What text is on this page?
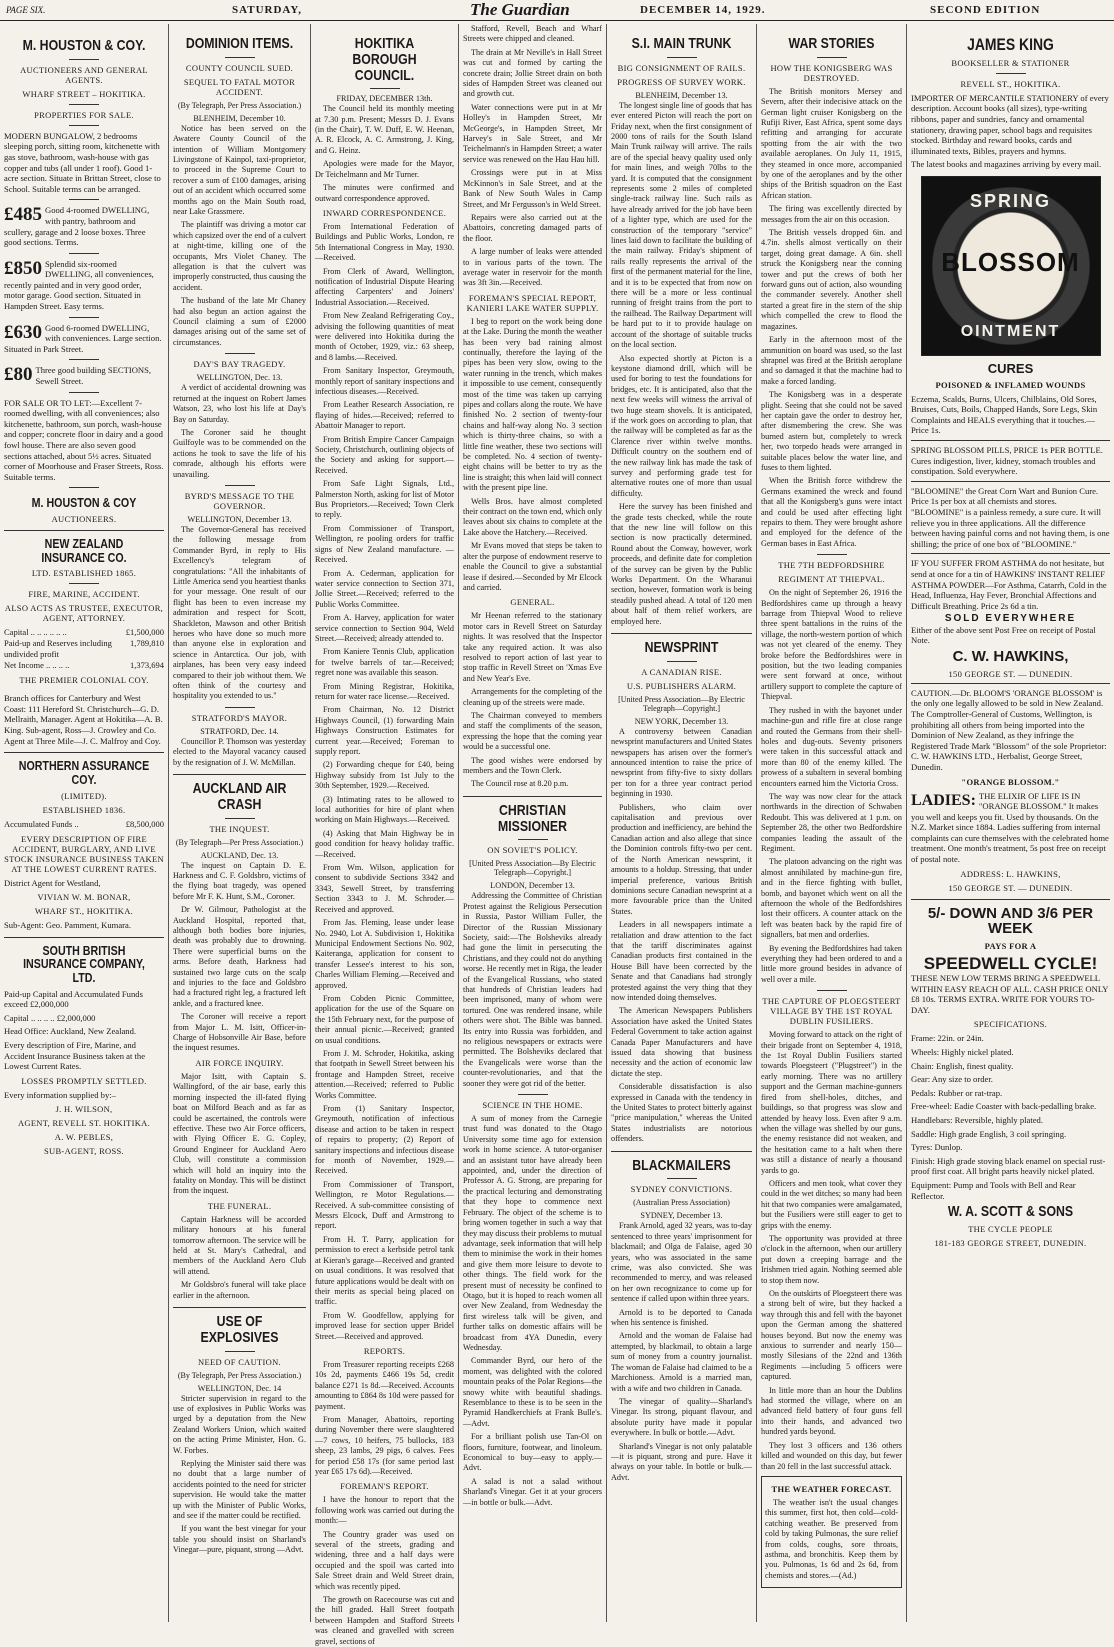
PAGE SIX.	SATURDAY,	The Guardian	DECEMBER 14, 1929.	SECOND EDITION
M. HOUSTON & COY.
AUCTIONEERS AND GENERAL AGENTS.
WHARF STREET – HOKITIKA.
PROPERTIES FOR SALE.

MODERN BUNGALOW, 2 bedrooms sleeping porch, sitting room, kitchenette with gas stove, bathroom, wash-house with gas copper and tubs (all under 1 roof). Good 1-acre section. Situate in Brittan Street, close to School. Suitable terms can be arranged.

£485 Good 4-roomed DWELLING, with pantry, bathroom and scullery, garage and 2 loose boxes. Three good sections. Terms.

£850 Splendid six-roomed DWELLING, all conveniences, recently painted and in very good order, motor garage. Good section. Situated in Hampden Street. Easy terms.

£630 Good 6-roomed DWELLING, with conveniences. Large section. Situated in Park Street.

£80 Three good building SECTIONS, Sewell Street.

FOR SALE OR TO LET:—Excellent 7-roomed dwelling, with all conveniences; also kitchenette, bathroom, sun porch, wash-house and copper; concrete floor in dairy and a good fowl house. There are also seven good sections attached, about 5½ acres. Situated corner of Moorhouse and Fraser Streets, Ross. Suitable terms.

M. HOUSTON & COY
AUCTIONEERS.
NEW ZEALAND INSURANCE CO.
LTD. ESTABLISHED 1865.
FIRE, MARINE, ACCIDENT.
ALSO ACTS AS TRUSTEE, EXECUTOR, AGENT, ATTORNEY.
Capital .. .. .. .. .. ..	£1,500,000
Paid-up and Reserves including undivided profit
1,789,810
Net Income .. .. .. ..	1,373,694
THE PREMIER COLONIAL COY.

Branch offices for Canterbury and West Coast: 111 Hereford St. Christchurch—G. D. Mellraith, Manager. Agent at Hokitika—A. B. King. Sub-agent, Ross—J. Crowley and Co. Agent at Three Mile—J. C. Malfroy and Coy.

NORTHERN ASSURANCE COY.
(LIMITED).
ESTABLISHED 1836.
Accumulated Funds ..	£8,500,000
EVERY DESCRIPTION OF FIRE ACCIDENT, BURGLARY, AND LIVE STOCK INSURANCE BUSINESS TAKEN AT THE LOWEST CURRENT RATES.

District Agent for Westland,

VIVIAN W. M. BONAR,
WHARF ST., HOKITIKA.

Sub-Agent: Geo. Pamment, Kumara.

SOUTH BRITISH INSURANCE COMPANY, LTD.

Paid-up Capital and Accumulated Funds exceed £2,000,000

Capital .. .. .. .. £2,000,000

Head Office: Auckland, New Zealand.

Every description of Fire, Marine, and Accident Insurance Business taken at the Lowest Current Rates.

LOSSES PROMPTLY SETTLED.

Every information supplied by:–

J. H. WILSON,
AGENT, REVELL ST. HOKITIKA.
A. W. PEBLES,
SUB-AGENT, ROSS.
DOMINION ITEMS.
COUNTY COUNCIL SUED.
SEQUEL TO FATAL MOTOR ACCIDENT.
(By Telegraph, Per Press Association.)
BLENHEIM, December 10.

Notice has been served on the Awatere County Council of the intention of William Montgomery Livingstone of Kainpol, taxi-proprietor, to proceed in the Supreme Court to recover a sum of £100 damages, arising out of an accident which occurred some months ago on the Main South road, near Lake Grassmere.

The plaintiff was driving a motor car which capsized over the end of a culvert at night-time, killing one of the occupants, Mrs Violet Chaney. The allegation is that the culvert was improperly constructed, thus causing the accident.

The husband of the late Mr Chaney had also begun an action against the Council claiming a sum of £2000 damages arising out of the same set of circumstances.

DAY'S BAY TRAGEDY.
WELLINGTON, Dec. 13.

A verdict of accidental drowning was returned at the inquest on Robert James Watson, 23, who lost his life at Day's Bay on Saturday.

The Coroner said he thought Guilfoyle was to be commended on the actions he took to save the life of his comrade, although his efforts were unavailing.

BYRD'S MESSAGE TO THE GOVERNOR.
WELLINGTON, December 13.

The Governor-General has received the following message from Commander Byrd, in reply to His Excellency's telegram of congratulations: "All the inhabitants of Little America send you heartiest thanks for your message. One result of our flight has been to even increase my admiration and respect for Scott, Shackleton, Mawson and other British heroes who have done so much more than anyone else in exploration and science in Antarctica. Our job, with airplanes, has been very easy indeed compared to their job without them. We often think of the courtesy and hospitality you extended to us."

STRATFORD'S MAYOR.
STRATFORD, Dec. 14.

Councillor P. Thomson was yesterday elected to the Mayoral vacancy caused by the resignation of J. W. McMillan.

AUCKLAND AIR CRASH
THE INQUEST.
(By Telegraph—Per Press Association.)
AUCKLAND, Dec. 13.

The inquest on Captain D. E. Harkness and C. F. Goldsbro, victims of the flying boat tragedy, was opened before Mr F. K. Hunt, S.M., Coroner.

Dr W. Gilmour, Pathologist at the Auckland Hospital, reported that, although both bodies bore injuries, death was probably due to drowning. There were superficial burns on the arms. Before death, Harkness had sustained two large cuts on the scalp and injuries to the face and Goldsbro had a fractured right leg, a fractured left ankle, and a fractured knee.

The Coroner will receive a report from Major L. M. Isitt, Officer-in-Charge of Hobsonville Air Base, before the inquest resumes.

AIR FORCE INQUIRY.

Major Isitt, with Captain S. Wallingford, of the air base, early this morning inspected the ill-fated flying boat on Milford Beach and as far as could be ascertained, the controls were effective. These two Air Force officers, with Flying Officer E. G. Copley, Ground Engineer for Auckland Aero Club, will constitute a commission which will hold an inquiry into the fatality on Monday. This will be distinct from the inquest.

THE FUNERAL.

Captain Harkness will be accorded military honours at his funeral tomorrow afternoon. The service will be held at St. Mary's Cathedral, and members of the Auckland Aero Club will attend.

Mr Goldsbro's funeral will take place earlier in the afternoon.

USE OF EXPLOSIVES
NEED OF CAUTION.
(By Telegraph, Per Press Association.)
WELLINGTON, Dec. 14

Stricter supervision in regard to the use of explosives in Public Works was urged by a deputation from the New Zealand Workers Union, which waited on the acting Prime Minister, Hon. G. W. Forbes.

Replying the Minister said there was no doubt that a large number of accidents pointed to the need for stricter supervision. He would take the matter up with the Minister of Public Works, and see if the matter could be rectified.

If you want the best vinegar for your table you should insist on Sharland's Vinegar—pure, piquant, strong —Advt.

HOKITIKA BOROUGH COUNCIL.
FRIDAY, DECEMBER 13th.

The Council held its monthly meeting at 7.30 p.m. Present; Messrs D. J. Evans (in the Chair), T. W. Duff, E. W. Heenan, A. R. Elcock, A. C. Armstrong, J. King, and G. Heinz.

Apologies were made for the Mayor, Dr Teichelmann and Mr Turner.

The minutes were confirmed and outward correspondence approved.

INWARD CORRESPONDENCE.

From International Federation of Buildings and Public Works, London, re 5th International Congress in May, 1930.—Received.

From Clerk of Award, Wellington, notification of Industrial Dispute Hearing affecting Carpenters' and Joiners' Industrial Association.—Received.

From New Zealand Refrigerating Coy., advising the following quantities of meat were delivered into Hokitika during the month of October, 1929, viz.: 63 sheep, and 8 lambs.—Received.

From Sanitary Inspector, Greymouth, monthly report of sanitary inspections and infectious diseases.—Received.

From Leather Research Association, re flaying of hides.—Received; referred to Abattoir Manager to report.

From British Empire Cancer Campaign Society, Christchurch, outlining objects of the Society and asking for support.—Received.

From Safe Light Signals, Ltd., Palmerston North, asking for list of Motor Bus Proprietors.—Received; Town Clerk to reply.

From Commissioner of Transport, Wellington, re pooling orders for traffic signs of New Zealand manufacture. —Received.

From A. Cederman, application for water service connection to Section 371, Jollie Street.—Received; referred to the Public Works Committee.

From A. Harvey, application for water service connection to Section 904, Weld Street.—Received; already attended to.

From Kaniere Tennis Club, application for twelve barrels of tar.—Received; regret none was available this season.

From Mining Registrar, Hokitika, return for water race license.—Received.

From Chairman, No. 12 District Highways Council, (1) forwarding Main Highways Construction Estimates for current year.—Received; Foreman to supply report.

(2) Forwarding cheque for £40, being Highway subsidy from 1st July to the 30th September, 1929.—Received.

(3) Intimating rates to be allowed to local authorities for hire of plant when working on Main Highways.—Received.

(4) Asking that Main Highway be in good condition for heavy holiday traffic.—Received.

From Wm. Wilson, application for consent to subdivide Sections 3342 and 3343, Sewell Street, by transferring Section 3343 to J. M. Schroder.—Received and approved.

From Jas. Fleming, lease under lease No. 2940, Lot A. Subdivision 1, Hokitika Municipal Endowment Sections No. 902, Kaiteranga, application for consent to transfer Lessee's interest to his son, Charles William Fleming.—Received and approved.

From Cobden Picnic Committee, application for the use of the Square on the 15th February next, for the purpose of their annual picnic.—Received; granted on usual conditions.

From J. M. Schroder, Hokitika, asking that footpath in Sewell Street between his frontage and Hampden Street, receive attention.—Received; referred to Public Works Committee.

From (1) Sanitary Inspector, Greymouth, notification of infectious disease and action to be taken in respect of repairs to property; (2) Report of sanitary inspections and infectious disease for month of November, 1929.—Received.

From Commissioner of Transport, Wellington, re Motor Regulations.—Received. A sub-committee consisting of Messrs Elcock, Duff and Armstrong to report.

From H. T. Parry, application for permission to erect a kerbside petrol tank at Kieran's garage—Received and granted on usual conditions. It was resolved that future applications would be dealt with on their merits as special being placed on traffic.

From W. Goodfellow, applying for improved lease for section upper Bridel Street.—Received and approved.

REPORTS.

From Treasurer reporting receipts £268 10s 2d, payments £466 19s 5d, credit balance £271 1s 8d.—Received. Accounts amounting to £864 8s 10d were passed for payment.

From Manager, Abattoirs, reporting during November there were slaughtered—7 cows, 10 heifers, 75 bullocks, 183 sheep, 23 lambs, 29 pigs, 6 calves. Fees for period £58 17s (for same period last year £65 17s 6d).—Received.

FOREMAN'S REPORT.

I have the honour to report that the following work was carried out during the month:—

The Country grader was used on several of the streets, grading and widening, three and a half days were occupied and the spoil was carted into Sale Street drain and Weld Street drain, which was recently piped.

The growth on Racecourse was cut and the hill graded. Hall Street footpath between Hampden and Stafford Streets was cleaned and gravelled with screen gravel, sections of

Stafford, Revell, Beach and Wharf Streets were chipped and cleaned.

The drain at Mr Neville's in Hall Street was cut and formed by carting the concrete drain; Jollie Street drain on both sides of Hampden Street was cleaned out and growth cut.

Water connections were put in at Mr Holley's in Hampden Street, Mr McGeorge's, in Hampden Street, Mr Harvey's in Sale Street, and Mr Teichelmann's in Hampden Street; a water service was renewed on the Hau Hau hill.

Crossings were put in at Miss McKinnon's in Sale Street, and at the Bank of New South Wales in Camp Street, and Mr Fergusson's in Weld Street.

Repairs were also carried out at the Abattoirs, concreting damaged parts of the floor.

A large number of leaks were attended to in various parts of the town. The average water in reservoir for the month was 3ft 3in.—Received.

FOREMAN'S SPECIAL REPORT, KANIERI LAKE WATER SUPPLY.

I beg to report on the work being done at the Lake. During the month the weather has been very bad raining almost continually, therefore the laying of the pipes has been very slow, owing to the water running in the trench, which makes it impossible to use cement, consequently most of the time was taken up carrying pipes and collars along the route. We have finished No. 2 section of twenty-four chains and half-way along No. 3 section which is thirty-three chains, so with a little fine weather, these two sections will be completed. No. 4 section of twenty-eight chains will be better to try as the line is straight; this when laid will connect with the present pipe line.

Wells Bros. have almost completed their contract on the town end, which only leaves about six chains to complete at the Lake above the Hatchery.—Received.

Mr Evans moved that steps be taken to alter the purpose of endowment reserve to enable the Council to give a substantial lease if desired.—Seconded by Mr Elcock and carried.

GENERAL.

Mr Heenan referred to the stationary motor cars in Revell Street on Saturday nights. It was resolved that the Inspector take any required action. It was also resolved to report action of last year to stop traffic in Revell Street on 'Xmas Eve and New Year's Eve.

Arrangements for the completing of the cleaning up of the streets were made.

The Chairman conveyed to members and staff the compliments of the season, expressing the hope that the coming year would be a successful one.

The good wishes were endorsed by members and the Town Clerk.

The Council rose at 8.20 p.m.

CHRISTIAN MISSIONER
ON SOVIET'S POLICY.
[United Press Association—By Electric Telegraph—Copyright.]
LONDON, December 13.

Addressing the Committee of Christian Protest against the Religious Persecution in Russia, Pastor William Fuller, the Director of the Russian Missionary Society, said:—The Bolsheviks already had gone the limit in persecuting the Christians, and they could not do anything worse. He recently met in Riga, the leader of the Evangelical Russians, who stated that hundreds of Christian leaders had been imprisoned, many of whom were tortured. One was rendered insane, while others were shot. The Bible was banned. Its entry into Russia was forbidden, and no religious newspapers or extracts were permitted. The Bolsheviks declared that the Evangelicals were worse than the counter-revolutionaries, and that the sooner they were got rid of the better.

SCIENCE IN THE HOME.

A sum of money from the Carnegie trust fund was donated to the Otago University some time ago for extension work in home science. A tutor-organiser and an assistant tutor have already been appointed, and, under the direction of Professor A. G. Strong, are preparing for the practical lecturing and demonstrating that they hope to commence next February. The object of the scheme is to bring women together in such a way that they may discuss their problems to mutual advantage, seek information that will help them to minimise the work in their homes and give them more leisure to devote to other things. The field work for the present must of necessity be confined to Otago, but it is hoped to reach women all over New Zealand, from Wednesday the first wireless talk will be given, and further talks on domestic affairs will be broadcast from 4YA Dunedin, every Wednesday.

Commander Byrd, our hero of the moment, was delighted with the colored mountain peaks of the Polar Regions—the snowy white with beautiful shadings. Resemblance to these is to be seen in the Pyramid Handkerchiefs at Frank Bulle's.—Advt.

For a brilliant polish use Tan-Ol on floors, furniture, footwear, and linoleum. Economical to buy—easy to apply.—Advt.

A salad is not a salad without Sharland's Vinegar. Get it at your grocers —in bottle or bulk.—Advt.

S.I. MAIN TRUNK
BIG CONSIGNMENT OF RAILS.
PROGRESS OF SURVEY WORK.
BLENHEIM, December 13.

The longest single line of goods that has ever entered Picton will reach the port on Friday next, when the first consignment of 2000 tons of rails for the South Island Main Trunk railway will arrive. The rails are of the special heavy quality used only for main lines, and weigh 70lbs to the yard. It is computed that the consignment represents some 2 miles of completed single-track railway line. Such rails as have already arrived for the job have been of a lighter type, which are used for the construction of the temporary "service" lines laid down to facilitate the building of the main railway. Friday's shipment of rails really represents the arrival of the first of the permanent material for the line, and it is to be expected that from now on there will be a more or less continual running of freight trains from the port to the railhead. The Railway Department will be hard put to it to provide haulage on account of the shortage of suitable trucks on the local section.

Also expected shortly at Picton is a keystone diamond drill, which will be used for boring to test the foundations for bridges, etc. It is anticipated, also that the next few weeks will witness the arrival of two huge steam shovels. It is anticipated, if the work goes on according to plan, that the railway will be completed as far as the Clarence river within twelve months. Difficult country on the southern end of the new railway link has made the task of survey and performing grade test for alternative routes one of more than usual difficulty.

Here the survey has been finished and the grade tests checked, while the route that the new line will follow on this section is now practically determined. Round about the Conway, however, work proceeds, and definite date for completion of the survey can be given by the Public Works Department. On the Wharanui section, however, formation work is being steadily pushed ahead. A total of 120 men about half of them relief workers, are employed here.

NEWSPRINT
A CANADIAN RISE.
U.S. PUBLISHERS ALARM.
[United Press Association—By Electric Telegraph—Copyright.]
NEW YORK, December 13.

A controversy between Canadian newsprint manufacturers and United States newspapers has arisen over the former's announced intention to raise the price of newsprint from fifty-five to sixty dollars per ton for a three year contract period beginning in 1930.

Publishers, who claim over capitalisation and previous over production and inefficiency, are behind the Canadian action and also allege that since the Dominion controls fifty-two per cent. of the North American newsprint, it amounts to a holdup. Stressing, that under imperial preference, various British dominions secure Canadian newsprint at a more favourable price than the United States.

Leaders in all newspapers intimate a retaliation and draw attention to the fact that the tariff discriminates against Canadian products first contained in the House Bill have been corrected by the Senate and that Canadians had strongly protested against the very thing that they now intended doing themselves.

The American Newspapers Publishers Association have asked the United States Federal Government to take action against Canada Paper Manufacturers and have issued data showing that business necessity and the action of economic law dictate the step.

Considerable dissatisfaction is also expressed in Canada with the tendency in the United States to protect bitterly against "price manipulation," whereas the United States industrialists are notorious offenders.

BLACKMAILERS
SYDNEY CONVICTIONS.
(Australian Press Association)
SYDNEY, December 13.

Frank Arnold, aged 32 years, was to-day sentenced to three years' imprisonment for blackmail; and Olga de Falaise, aged 30 years, who was associated in the same crime, was also convicted. She was recommended to mercy, and was released on her own recognizance to come up for sentence if called upon within three years.

Arnold is to be deported to Canada when his sentence is finished.

Arnold and the woman de Falaise had attempted, by blackmail, to obtain a large sum of money from a country journalist. The woman de Falaise had claimed to be a Marchioness. Arnold is a married man, with a wife and two children in Canada.

The vinegar of quality—Sharland's Vinegar. Its strong, piquant flavour, and absolute purity have made it popular everywhere. In bulk or bottle.—Advt.

Sharland's Vinegar is not only palatable—it is piquant, strong and pure. Have it always on your table. In bottle or bulk.—Advt.

WAR STORIES
HOW THE KONIGSBERG WAS DESTROYED.

The British monitors Mersey and Severn, after their indecisive attack on the German light cruiser Konigsberg on the Rufiji River, East Africa, spent some days refitting and arranging for accurate spotting from the air with the two available aeroplanes. On July 11, 1915, they steamed in once more, accompanied by one of the aeroplanes and by the other ships of the British squadron on the East African station.

The firing was excellently directed by messages from the air on this occasion.

The British vessels dropped 6in. and 4.7in. shells almost vertically on their target, doing great damage. A 6in. shell struck the Konigsberg near the conning tower and put the crews of both her forward guns out of action, also wounding the commander severely. Another shell started a great fire in the stern of the ship which compelled the crew to flood the magazines.

Early in the afternoon most of the ammunition on board was used, so the last shrapnel was fired at the British aeroplane and so damaged it that the machine had to make a forced landing.

The Konigsberg was in a desperate plight. Seeing that she could not be saved her captain gave the order to destroy her, after dismembering the crew. She was burned astern but, completely to wreck her, two torpedo heads were arranged in suitable places below the water line, and fuses to them lighted.

When the British force withdrew the Germans examined the wreck and found that all the Konigsberg's guns were intact and could be used after effecting light repairs to them. They were brought ashore and employed for the defence of the German bases in East Africa.

THE 7TH BEDFORDSHIRE
REGIMENT AT THIEPVAL.

On the night of September 26, 1916 the Bedfordshires came up through a heavy barrage from Thiepval Wood to relieve three spent battalions in the ruins of the village, the north-western portion of which was not yet cleared of the enemy. They broke before the Bedfordshires were in position, but the two leading companies were sent forward at once, without artillery support to complete the capture of Thiepval.

They rushed in with the bayonet under machine-gun and rifle fire at close range and routed the Germans from their shell-holes and dug-outs. Seventy prisoners were taken in this successful attack and more than 80 of the enemy killed. The prowess of a subaltern in several bombing encounters earned him the Victoria Cross.

The way was now clear for the attack northwards in the direction of Schwaben Redoubt. This was delivered at 1 p.m. on September 28, the other two Bedfordshire companies leading the assault of the Regiment.

The platoon advancing on the right was almost annihilated by machine-gun fire, and in the fierce fighting with bullet, bomb, and bayonet which went on all the afternoon the whole of the Bedfordshires lost their officers. A counter attack on the left was beaten back by the rapid fire of signallers, bat men and orderlies.

By evening the Bedfordshires had taken everything they had been ordered to and a little more ground besides in advance of well over a mile.

THE CAPTURE OF PLOEGSTEERT VILLAGE BY THE 1ST ROYAL DUBLIN FUSILIERS.

Moving forward to attack on the right of their brigade front on September 4, 1918, the 1st Royal Dublin Fusiliers started towards Ploegsteert ("Plugstreet") in the early morning. There was no artillery support and the German machine-gunners fired from shell-holes, ditches, and buildings, so that progress was slow and attended by heavy loss. Even after 9 a.m. when the village was shelled by our guns, the enemy resistance did not weaken, and the hesitation came to a halt when there was still a distance of nearly a thousand yards to go.

Officers and men took, what cover they could in the wet ditches; so many had been hit that two companies were amalgamated, but the Fusiliers were still eager to get to grips with the enemy.

The opportunity was provided at three o'clock in the afternoon, when our artillery put down a creeping barrage and the Irishmen tried again. Nothing seemed able to stop them now.

On the outskirts of Ploegsteert there was a strong belt of wire, but they hacked a way through this and fell with the bayonet upon the German among the shattered houses beyond. But now the enemy was anxious to surrender and nearly 150—mostly Silesians of the 22nd and 136th Regiments —including 5 officers were captured.

In little more than an hour the Dublins had stormed the village, where on an advanced field battery of four guns fell into their hands, and advanced two hundred yards beyond.

They lost 3 officers and 136 others killed and wounded on this day, but fewer than 20 fell in the last successful attack.

THE WEATHER FORECAST.

The weather isn't the usual changes this summer, first hot, then cold—cold-catching weather. Be preserved from cold by taking Pulmonas, the sure relief from colds, coughs, sore throats, asthma, and bronchitis. Keep them by you. Pulmonas, 1s 6d and 2s 6d, from chemists and stores.—(Ad.)

JAMES KING
BOOKSELLER & STATIONER
REVELL ST., HOKITIKA.

IMPORTER OF MERCANTILE STATIONERY of every description. Account books (all sizes), type-writing ribbons, paper and sundries, fancy and ornamental stationery, drawing paper, school bags and requisites stocked. Birthday and reward books, cards and illuminated texts, Bibles, prayers and hymns.

The latest books and magazines arriving by every mail.

SPRING
BLOSSOM
OINTMENT
CURES
POISONED & INFLAMED WOUNDS

Eczema, Scalds, Burns, Ulcers, Chilblains, Old Sores, Bruises, Cuts, Boils, Chapped Hands, Sore Legs, Skin Complaints and HEALS everything that it touches.—Price 1s.

SPRING BLOSSOM PILLS, PRICE 1s PER BOTTLE. Cures indigestion, liver, kidney, stomach troubles and constipation. Sold everywhere.

"BLOOMINE" the Great Corn Wart and Bunion Cure. Price 1s per box at all chemists and stores. "BLOOMINE" is a painless remedy, a sure cure. It will relieve you in three applications. All the difference between having painful corns and not having them, is one shilling; the price of one box of "BLOOMINE."

IF YOU SUFFER FROM ASTHMA do not hesitate, but send at once for a tin of HAWKINS' INSTANT RELIEF ASTHMA POWDER—For Asthma, Catarrh, Cold in the Head, Influenza, Hay Fever, Bronchial Affections and Difficult Breathing. Price 2s 6d a tin.

SOLD EVERYWHERE

Either of the above sent Post Free on receipt of Postal Note.

C. W. HAWKINS,
150 GEORGE ST. — DUNEDIN.

CAUTION.—Dr. BLOOM'S 'ORANGE BLOSSOM' is the only one legally allowed to be sold in New Zealand. The Comptroller-General of Customs, Wellington, is prohibiting all others from being imported into the Dominion of New Zealand, as they infringe the Registered Trade Mark "Blossom" of the sole Proprietor: C. W. HAWKINS LTD., Herbalist, George Street, Dunedin.

"ORANGE BLOSSOM."

LADIES: THE ELIXIR OF LIFE IS IN "ORANGE BLOSSOM." It makes you well and keeps you fit. Used by thousands. On the N.Z. Market since 1884. Ladies suffering from internal complaints can cure themselves with the celebrated home treatment. One month's treatment, 5s post free on receipt of postal note.

ADDRESS: L. HAWKINS,
150 GEORGE ST. — DUNEDIN.
5/- DOWN AND 3/6 PER WEEK
PAYS FOR A
SPEEDWELL CYCLE!

THESE NEW LOW TERMS BRING A SPEEDWELL WITHIN EASY REACH OF ALL. CASH PRICE ONLY £8 10s. TERMS EXTRA. WRITE FOR YOURS TO-DAY.

SPECIFICATIONS.

Frame: 22in. or 24in.

Wheels: Highly nickel plated.

Chain: English, finest quality.

Gear: Any size to order.

Pedals: Rubber or rat-trap.

Free-wheel: Eadie Coaster with back-pedalling brake.

Handlebars: Reversible, highly plated.

Saddle: High grade English, 3 coil springing.

Tyres: Dunlop.

Finish: High grade stoving black enamel on special rust-proof first coat. All bright parts heavily nickel plated.

Equipment: Pump and Tools with Bell and Rear Reflector.

W. A. SCOTT & SONS
THE CYCLE PEOPLE
181-183 GEORGE STREET, DUNEDIN.
